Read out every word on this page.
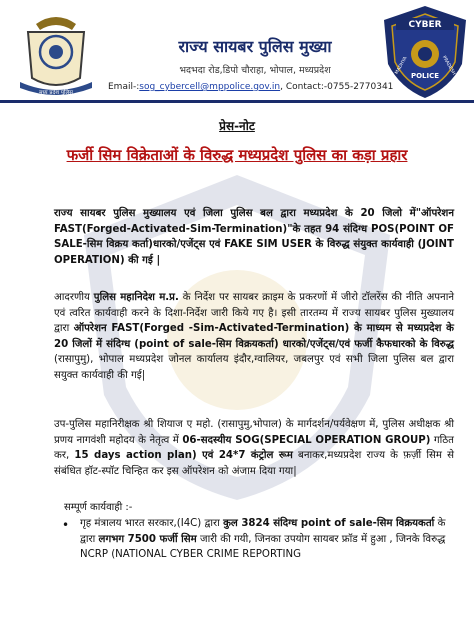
मध्य प्रदेश पुलिस
राज्य सायबर पुलिस मुख्या
भदभदा रोड,डिपो चौराहा, भोपाल, मध्यप्रदेश
Email-:sog_cybercell@mppolice.gov.in, Contact:-0755-2770341
CYBER
POLICE
MADHYA	PRADESH
प्रेस-नोट
फर्जी सिम विक्रेताओं के विरुद्ध मध्यप्रदेश पुलिस का कड़ा प्रहार
राज्य सायबर पुलिस मुख्यालय एवं जिला पुलिस बल द्वारा मध्यप्रदेश के 20 जिलो में"ऑपरेशन FAST(Forged-Activated-Sim-Termination)"के तहत 94 संदिग्ध POS(POINT OF SALE-सिम विक्रय कर्ता)धारको/एजेंट्स एवं FAKE SIM USER के विरुद्ध संयुक्त कार्यवाही (JOINT OPERATION) की गई |
आदरणीय पुलिस महानिदेश म.प्र. के निर्देश पर सायबर क्राइम के प्रकरणों में जीरो टॉलरेंस की नीति अपनाने एवं त्वरित कार्यवाही करने के दिशा-निर्देश जारी किये गए है। इसी तारतम्य में राज्य सायबर पुलिस मुख्यालय द्वारा ऑपरेशन FAST(Forged -Sim-Activated-Termination) के माध्यम से मध्यप्रदेश के 20 जिलों में संदिग्ध (point of sale-सिम विक्रयकर्ता) धारको/एजेंट्स/एवं फर्जी कैफधारको के विरुद्ध (रासापुमु), भोपाल मध्यप्रदेश जोनल कार्यालय इंदौर,ग्वालियर, जबलपुर एवं सभी जिला पुलिस बल द्वारा सयुक्त कार्यवाही की गई|
उप-पुलिस महानिरीक्षक श्री शियाज ए महो. (रासापुमु,भोपाल) के मार्गदर्शन/पर्यवेक्षण में, पुलिस अधीक्षक श्री प्रणय नागवंशी महोदय के नेतृत्व में 06-सदस्यीय SOG(SPECIAL OPERATION GROUP) गठित कर, 15 days action plan) एवं 24*7 कंट्रोल रूम बनाकर,मध्यप्रदेश राज्य के फ़र्ज़ी सिम से संबंधित हॉट-स्पॉट चिन्हित कर इस ऑपरेशन को अंजाम दिया गया|
सम्पूर्ण कार्यवाही :-
• गृह मंत्रालय भारत सरकार,(I4C) द्वारा कुल 3824 संदिग्ध point of sale-सिम विक्रयकर्ता के द्वारा लगभग 7500 फर्जी सिम जारी की गयी, जिनका उपयोग सायबर फ्रॉड में हुआ , जिनके विरुद्ध NCRP (NATIONAL CYBER CRIME REPORTING
